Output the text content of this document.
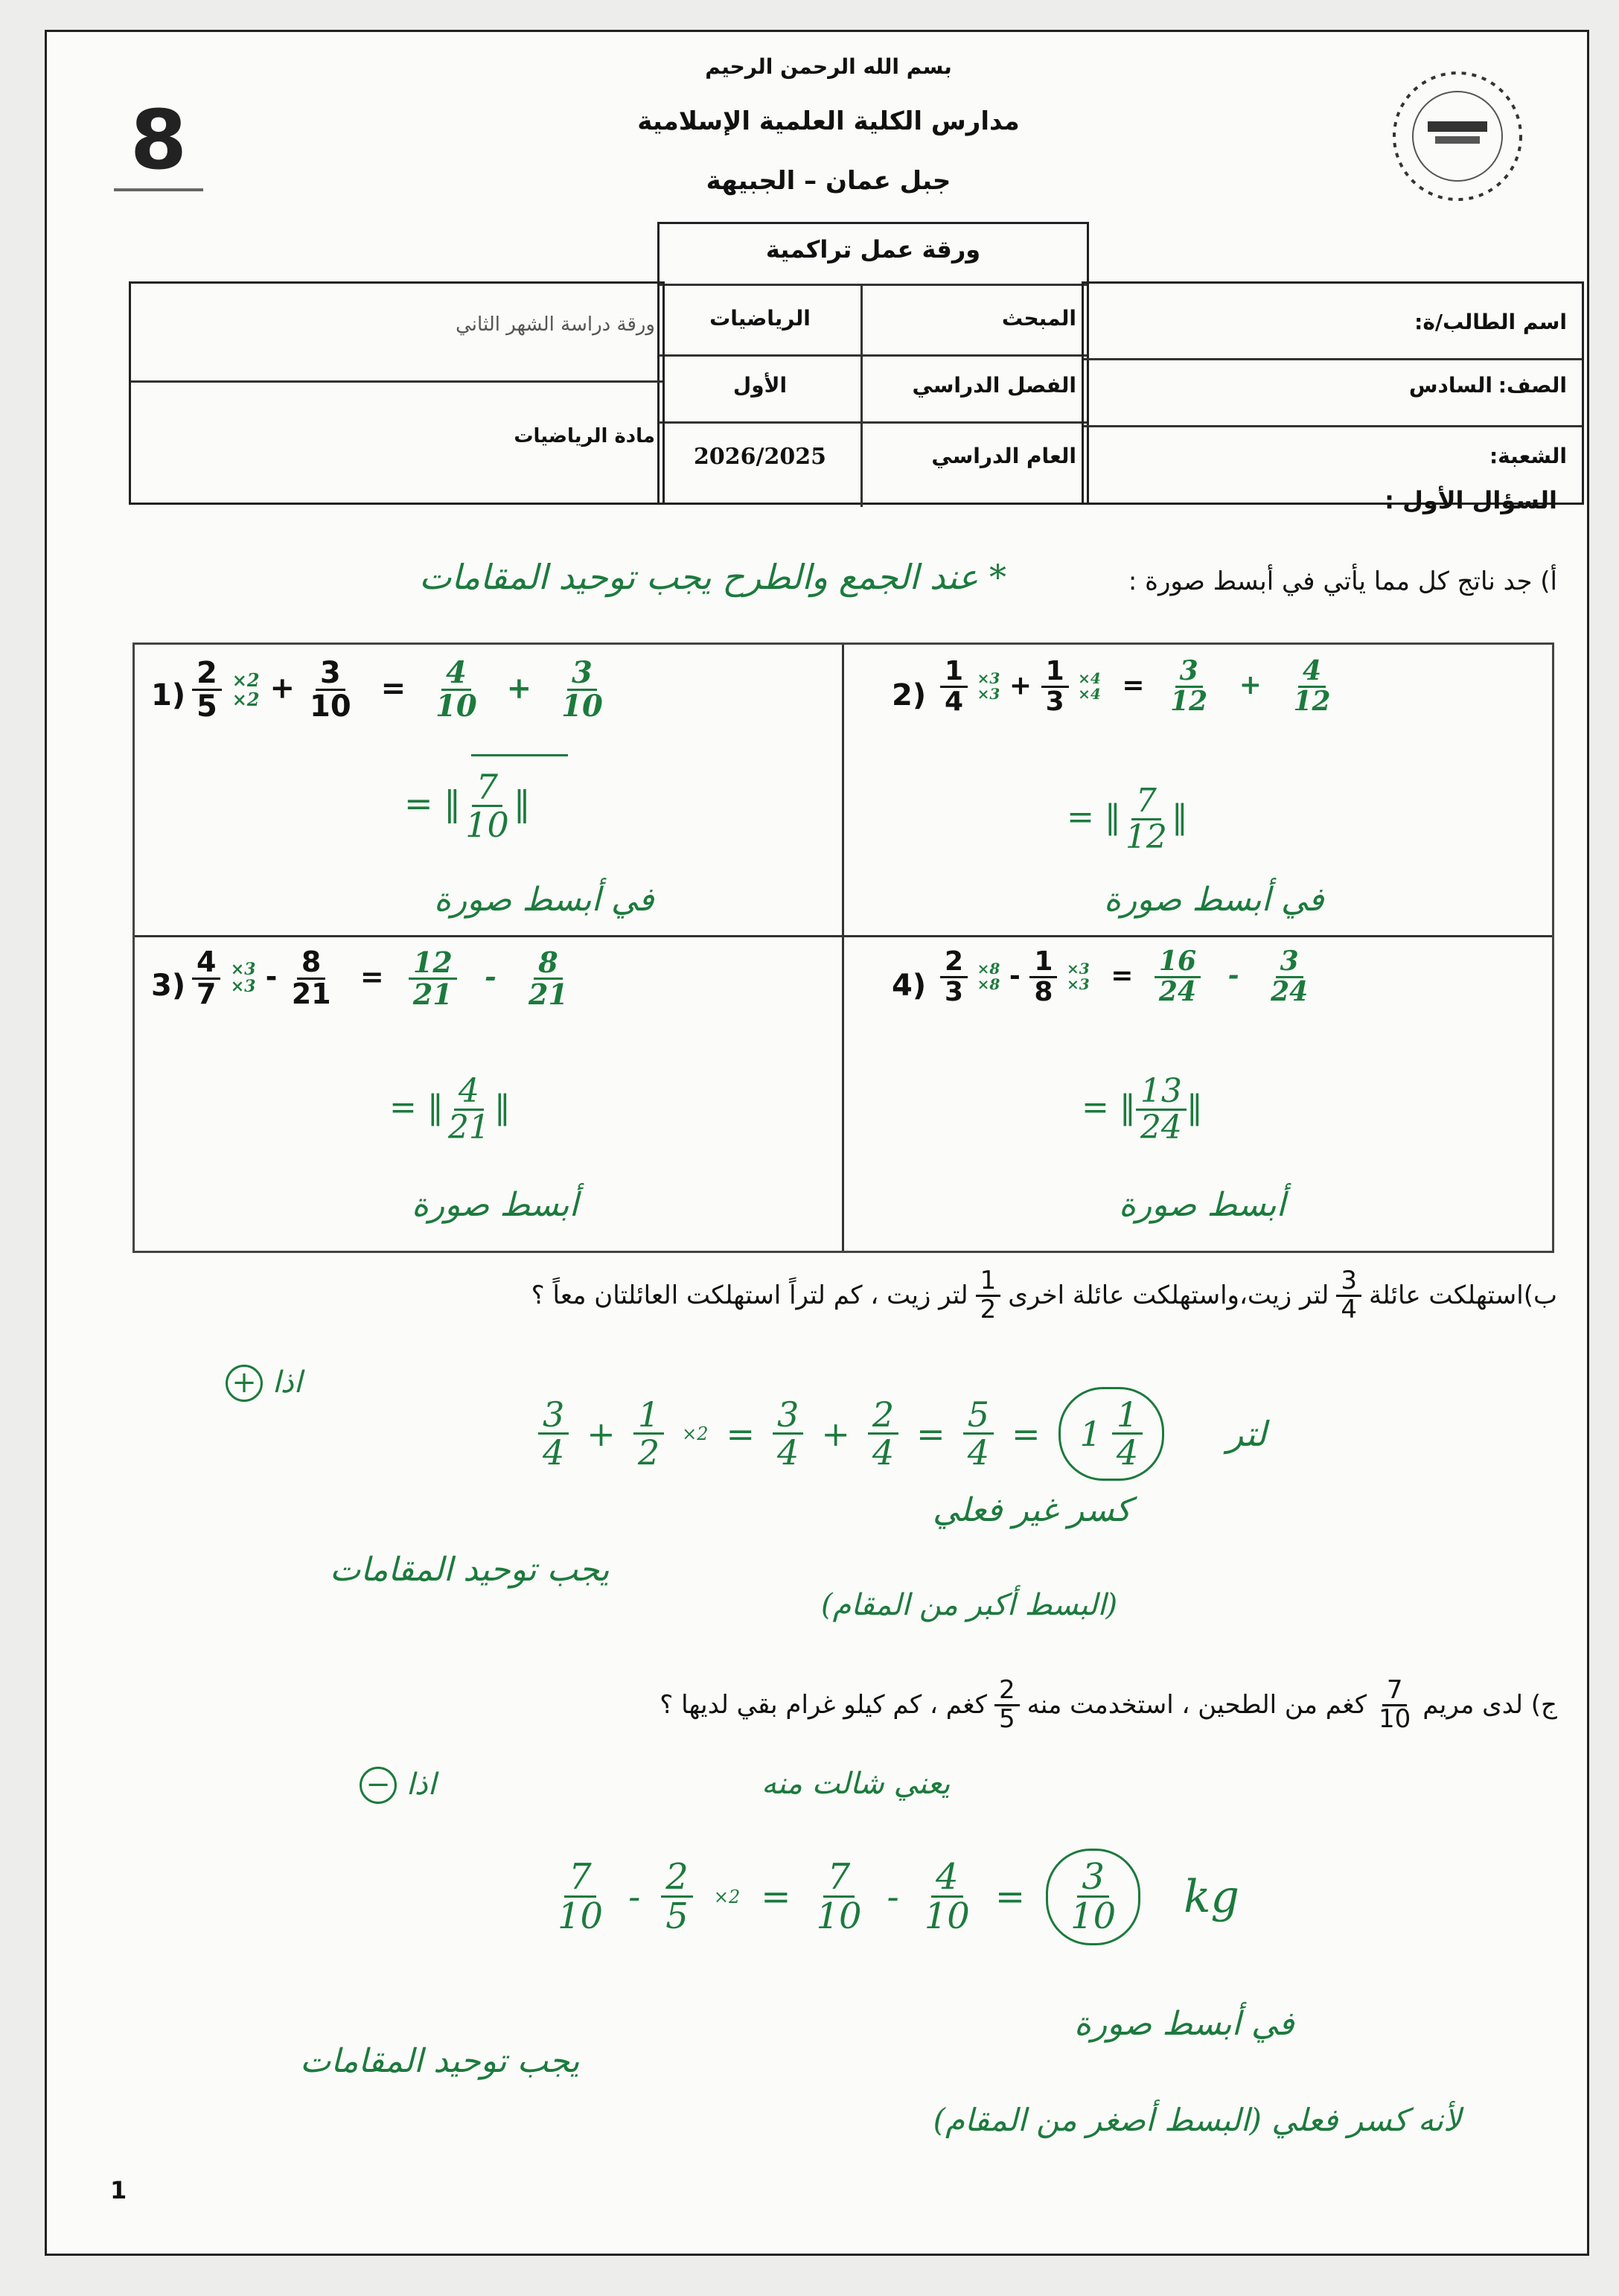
8
بسم الله الرحمن الرحيم
مدارس الكلية العلمية الإسلامية
جبل عمان – الجبيهة
ورقة عمل تراكمية
المبحث
الرياضيات
الفصل الدراسي
الأول
العام الدراسي
2026/2025
اسم الطالب/ة:
الصف:
السادس
الشعبة:
ورقة دراسة الشهر الثاني
مادة الرياضيات
السؤال الأول :
أ) جد ناتج كل مما يأتي في أبسط صورة :
* عند الجمع والطرح يجب توحيد المقامات
$1) \frac{2}{5}$
×2
$\times 2 + \frac{3}{10} = \frac{4}{10} + \frac{3}{10}$
= ‖ $\frac{7}{10}$ ‖
في أبسط صورة
$2) \frac{1}{4}$
×3
$\times 3 + \frac{1}{3}$
×4
$\times 4 = \frac{3}{12} + \frac{4}{12}$
= ‖ $\frac{7}{12}$ ‖
في أبسط صورة
$3) \frac{4}{7}$
×3
$\times 3 - \frac{8}{21} = \frac{12}{21} - \frac{8}{21}$
= ‖ $\frac{4}{21}$ ‖
أبسط صورة
$4) \frac{2}{3}$
×8
$\times 8 - \frac{1}{8}$
×3
$\times 3 = \frac{16}{24} - \frac{3}{24}$
= ‖ $\frac{13}{24}$ ‖
أبسط صورة
ب)استهلكت عائلة
$\frac{3}{4}$
لتر زيت،واستهلكت عائلة اخرى
$\frac{1}{2}$
لتر زيت ، كم لتراً استهلكت العائلتان معاً ؟
+ اذا
$\frac{3}{4} + \frac{1}{2} \times 2 = \frac{3}{4} + \frac{2}{4} = \frac{5}{4} = 1 \frac{1}{4}$ لتر
كسر غير فعلي
يجب توحيد المقامات
(البسط أكبر من المقام)
ج) لدى مريم
$\frac{7}{10}$
كغم من الطحين ، استخدمت منه
$\frac{2}{5}$
كغم ، كم كيلو غرام بقي لديها ؟
− اذا	يعني شالت منه
$\frac{7}{10} - \frac{2}{5} \times 2 = \frac{7}{10} - \frac{4}{10} = \frac{3}{10}$ kg
في أبسط صورة
يجب توحيد المقامات
لأنه كسر فعلي (البسط أصغر من المقام)
1
